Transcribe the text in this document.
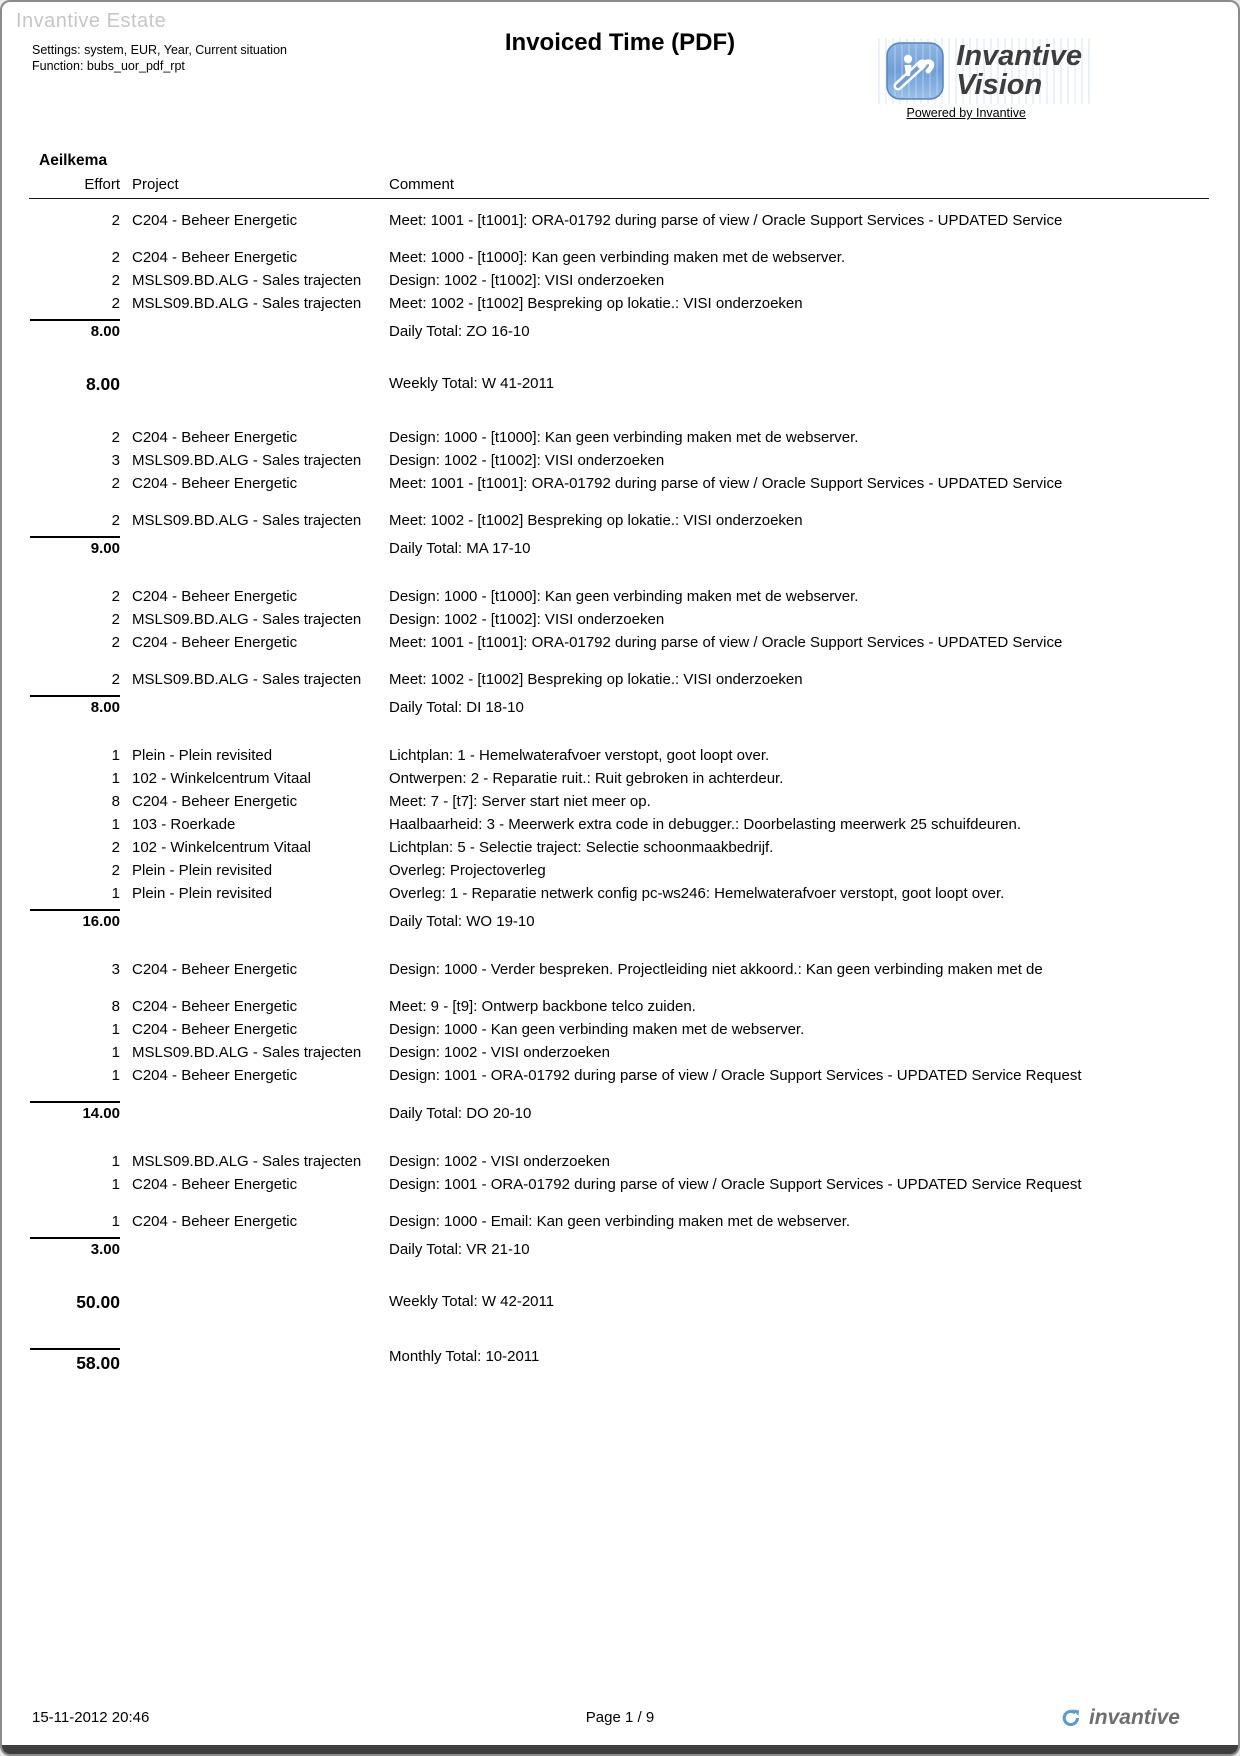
Invantive Estate
Settings: system, EUR, Year, Current situation
Function: bubs_uor_pdf_rpt
Invoiced Time (PDF)	Invantive
Vision
Powered by Invantive
Aeilkema
Effort Project	Comment
2 C204 - Beheer Energetic	Meet: 1001 - [t1001]: ORA-01792 during parse of view / Oracle Support Services - UPDATED Service
2 C204 - Beheer Energetic	Meet: 1000 - [t1000]: Kan geen verbinding maken met de webserver.
2 MSLS09.BD.ALG - Sales trajecten	Design: 1002 - [t1002]: VISI onderzoeken
2 MSLS09.BD.ALG - Sales trajecten	Meet: 1002 - [t1002] Bespreking op lokatie.: VISI onderzoeken
8.00	Daily Total: ZO 16-10
8.00	Weekly Total: W 41-2011
2 C204 - Beheer Energetic	Design: 1000 - [t1000]: Kan geen verbinding maken met de webserver.
3 MSLS09.BD.ALG - Sales trajecten	Design: 1002 - [t1002]: VISI onderzoeken
2 C204 - Beheer Energetic	Meet: 1001 - [t1001]: ORA-01792 during parse of view / Oracle Support Services - UPDATED Service
2 MSLS09.BD.ALG - Sales trajecten	Meet: 1002 - [t1002] Bespreking op lokatie.: VISI onderzoeken
9.00	Daily Total: MA 17-10
2 C204 - Beheer Energetic	Design: 1000 - [t1000]: Kan geen verbinding maken met de webserver.
2 MSLS09.BD.ALG - Sales trajecten	Design: 1002 - [t1002]: VISI onderzoeken
2 C204 - Beheer Energetic	Meet: 1001 - [t1001]: ORA-01792 during parse of view / Oracle Support Services - UPDATED Service
2 MSLS09.BD.ALG - Sales trajecten	Meet: 1002 - [t1002] Bespreking op lokatie.: VISI onderzoeken
8.00	Daily Total: DI 18-10
1 Plein - Plein revisited	Lichtplan: 1 - Hemelwaterafvoer verstopt, goot loopt over.
1 102 - Winkelcentrum Vitaal	Ontwerpen: 2 - Reparatie ruit.: Ruit gebroken in achterdeur.
8 C204 - Beheer Energetic	Meet: 7 - [t7]: Server start niet meer op.
1 103 - Roerkade	Haalbaarheid: 3 - Meerwerk extra code in debugger.: Doorbelasting meerwerk 25 schuifdeuren.
2 102 - Winkelcentrum Vitaal	Lichtplan: 5 - Selectie traject: Selectie schoonmaakbedrijf.
2 Plein - Plein revisited	Overleg: Projectoverleg
1 Plein - Plein revisited	Overleg: 1 - Reparatie netwerk config pc-ws246: Hemelwaterafvoer verstopt, goot loopt over.
16.00	Daily Total: WO 19-10
3 C204 - Beheer Energetic	Design: 1000 - Verder bespreken. Projectleiding niet akkoord.: Kan geen verbinding maken met de
8 C204 - Beheer Energetic	Meet: 9 - [t9]: Ontwerp backbone telco zuiden.
1 C204 - Beheer Energetic	Design: 1000 - Kan geen verbinding maken met de webserver.
1 MSLS09.BD.ALG - Sales trajecten	Design: 1002 - VISI onderzoeken
1 C204 - Beheer Energetic	Design: 1001 - ORA-01792 during parse of view / Oracle Support Services - UPDATED Service Request
14.00	Daily Total: DO 20-10
1 MSLS09.BD.ALG - Sales trajecten	Design: 1002 - VISI onderzoeken
1 C204 - Beheer Energetic	Design: 1001 - ORA-01792 during parse of view / Oracle Support Services - UPDATED Service Request
1 C204 - Beheer Energetic	Design: 1000 - Email: Kan geen verbinding maken met de webserver.
3.00	Daily Total: VR 21-10
50.00	Weekly Total: W 42-2011
58.00	Monthly Total: 10-2011
15-11-2012 20:46	Page 1 / 9	invantive
